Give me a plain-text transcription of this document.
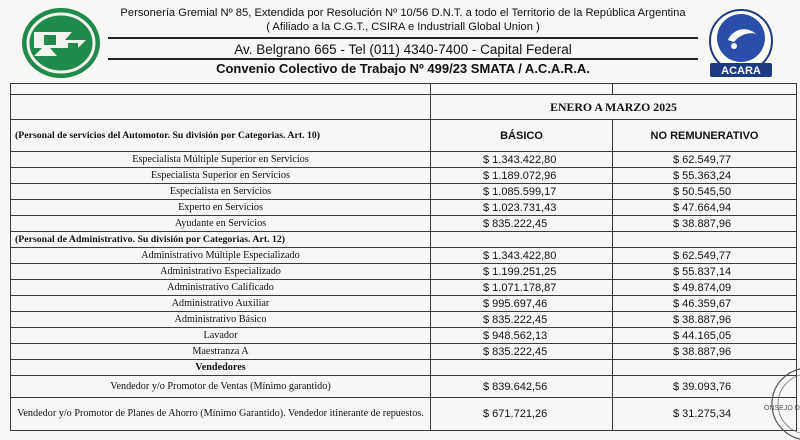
Personería Gremial Nº 85, Extendida por Resolución Nº 10/56 D.N.T. a todo el Territorio de la República Argentina
( Afiliado a la C.G.T., CSIRA e Industriall Global Union )
Av. Belgrano 665 - Tel (011) 4340-7400 - Capital Federal
Convenio Colectivo de Trabajo Nº 499/23 SMATA / A.C.A.R.A.	ACARA

	ENERO A MARZO 2025	
(Personal de servicios del Automotor. Su división por Categorias. Art. 10)	BÁSICO	NO REMUNERATIVO
Especialista Múltiple Superior en Servicios	$ 1.343.422,80	$ 62.549,77
Especialista Superior en Servicios	$ 1.189.072,96	$ 55.363,24
Especialista en Servicios	$ 1.085.599,17	$ 50.545,50
Experto en Servicios	$ 1.023.731,43	$ 47.664,94
Ayudante en Servicios	$ 835.222,45	$ 38.887,96
(Personal de Administrativo. Su división por Categorias. Art. 12)		
Administrativo Múltiple Especializado	$ 1.343.422,80	$ 62.549,77
Administrativo Especializado	$ 1.199.251,25	$ 55.837,14
Administrativo Calificado	$ 1.071.178,87	$ 49.874,09
Administrativo Auxiliar	$ 995.697,46	$ 46.359,67
Administrativo Básico	$ 835.222,45	$ 38.887,96
Lavador	$ 948.562,13	$ 44.165,05
Maestranza A	$ 835.222,45	$ 38.887,96
Vendedores		
Vendedor y/o Promotor de Ventas (Mínimo garantido)	$ 839.642,56	$ 39.093,76
Vendedor y/o Promotor de Planes de Ahorro (Mínimo Garantido). Vendedor itinerante de repuestos.	$ 671.721,26	$ 31.275,34	ONSEJO D
